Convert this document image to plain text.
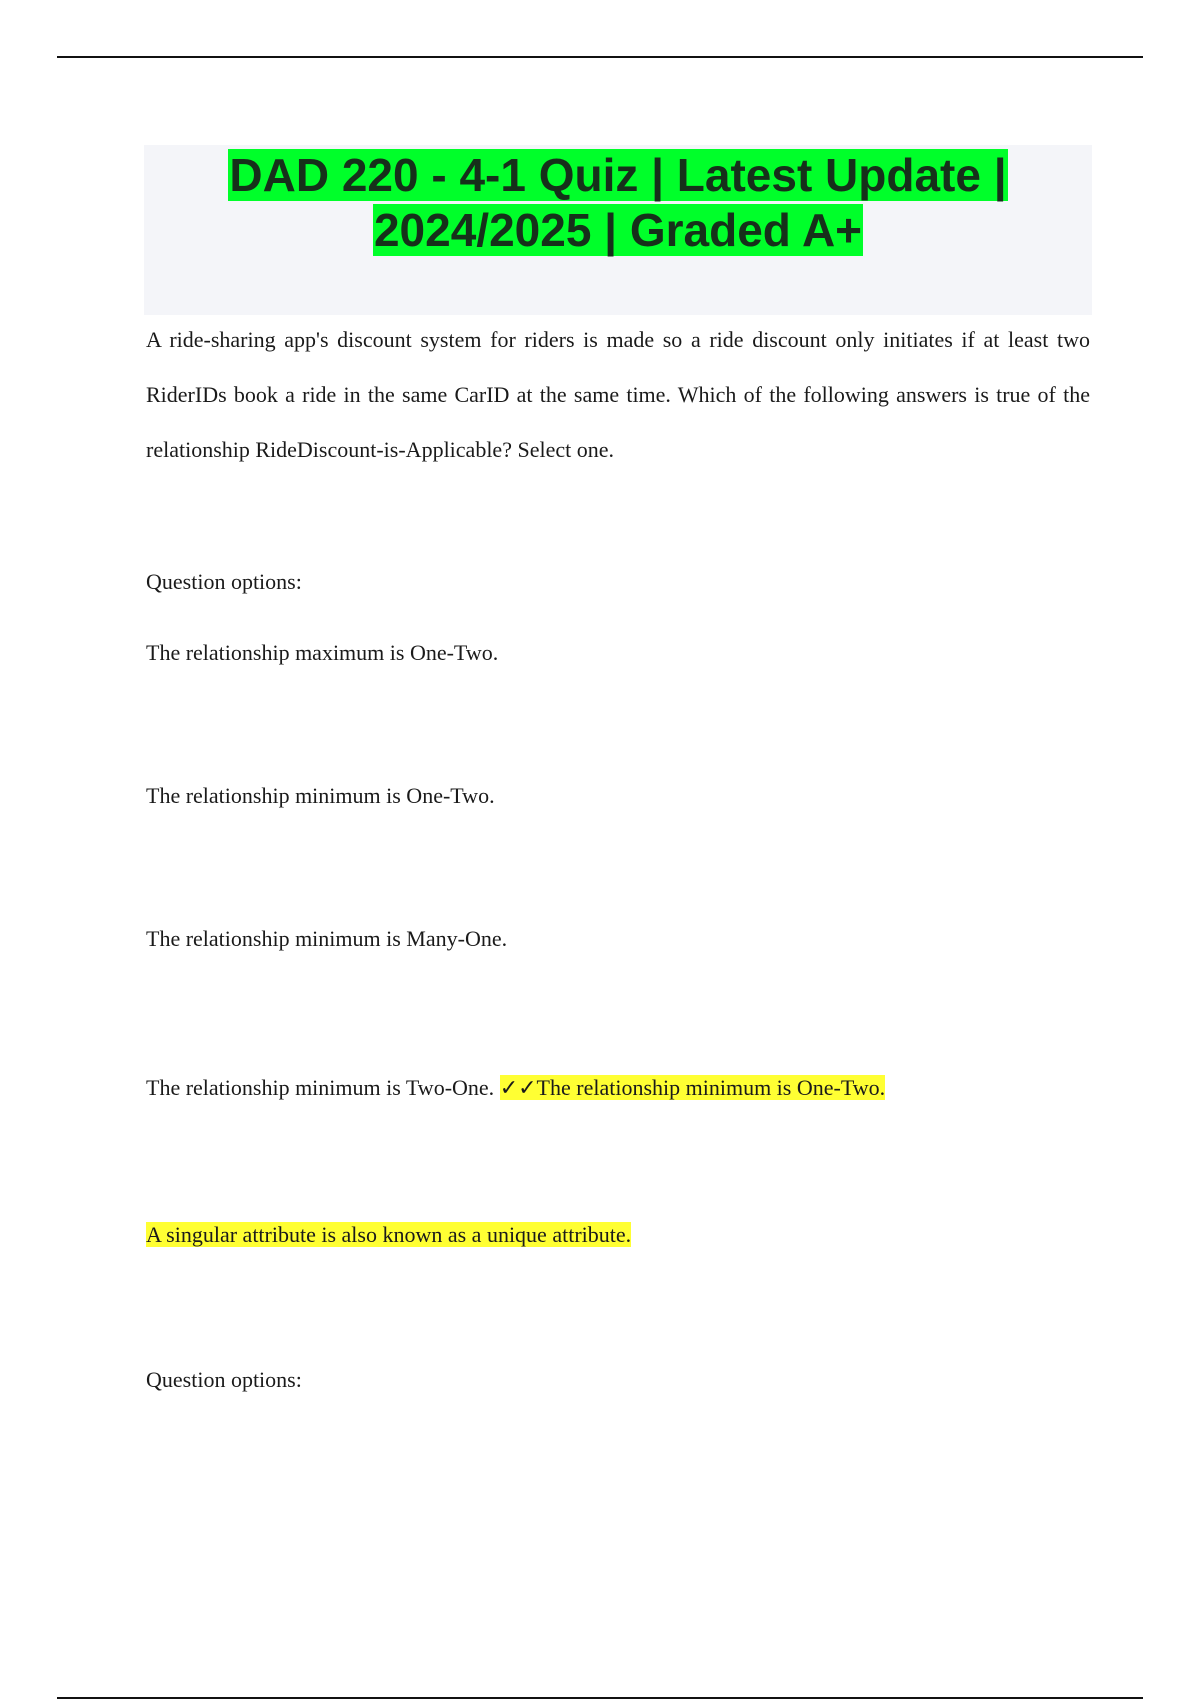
DAD 220 - 4-1 Quiz | Latest Update |
2024/2025 | Graded A+

A ride-sharing app's discount system for riders is made so a ride discount only initiates if at least two RiderIDs book a ride in the same CarID at the same time. Which of the following answers is true of the relationship RideDiscount-is-Applicable? Select one.

Question options:

The relationship maximum is One-Two.

The relationship minimum is One-Two.

The relationship minimum is Many-One.

The relationship minimum is Two-One. ✓✓The relationship minimum is One-Two.

A singular attribute is also known as a unique attribute.

Question options:
